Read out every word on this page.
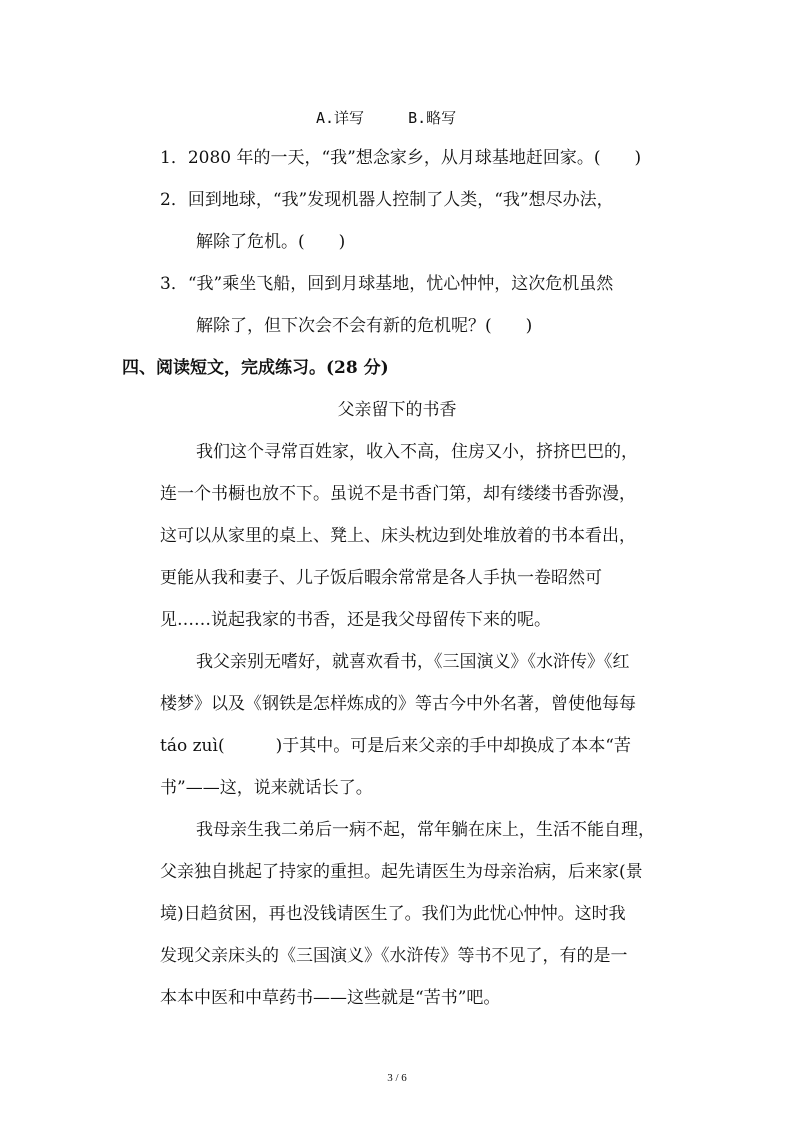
A.详写	B.略写
1．2080 年的一天，“我”想念家乡，从月球基地赶回家。(　　)
2．回到地球，“我”发现机器人控制了人类，“我”想尽办法，
解除了危机。(　　)
3．“我”乘坐飞船，回到月球基地，忧心忡忡，这次危机虽然
解除了，但下次会不会有新的危机呢？(　　)
四、阅读短文，完成练习。(28 分)
父亲留下的书香
我们这个寻常百姓家，收入不高，住房又小，挤挤巴巴的，
连一个书橱也放不下。虽说不是书香门第，却有缕缕书香弥漫，
这可以从家里的桌上、凳上、床头枕边到处堆放着的书本看出，
更能从我和妻子、儿子饭后暇余常常是各人手执一卷昭然可
见……说起我家的书香，还是我父母留传下来的呢。
我父亲别无嗜好，就喜欢看书，《三国演义》《水浒传》《红
楼梦》以及《钢铁是怎样炼成的》等古今中外名著，曾使他每每
táo zuì(　　　)于其中。可是后来父亲的手中却换成了本本“苦
书”——这，说来就话长了。
我母亲生我二弟后一病不起，常年躺在床上，生活不能自理，
父亲独自挑起了持家的重担。起先请医生为母亲治病，后来家(景
境)日趋贫困，再也没钱请医生了。我们为此忧心忡忡。这时我
发现父亲床头的《三国演义》《水浒传》等书不见了，有的是一
本本中医和中草药书——这些就是“苦书”吧。
3 / 6
